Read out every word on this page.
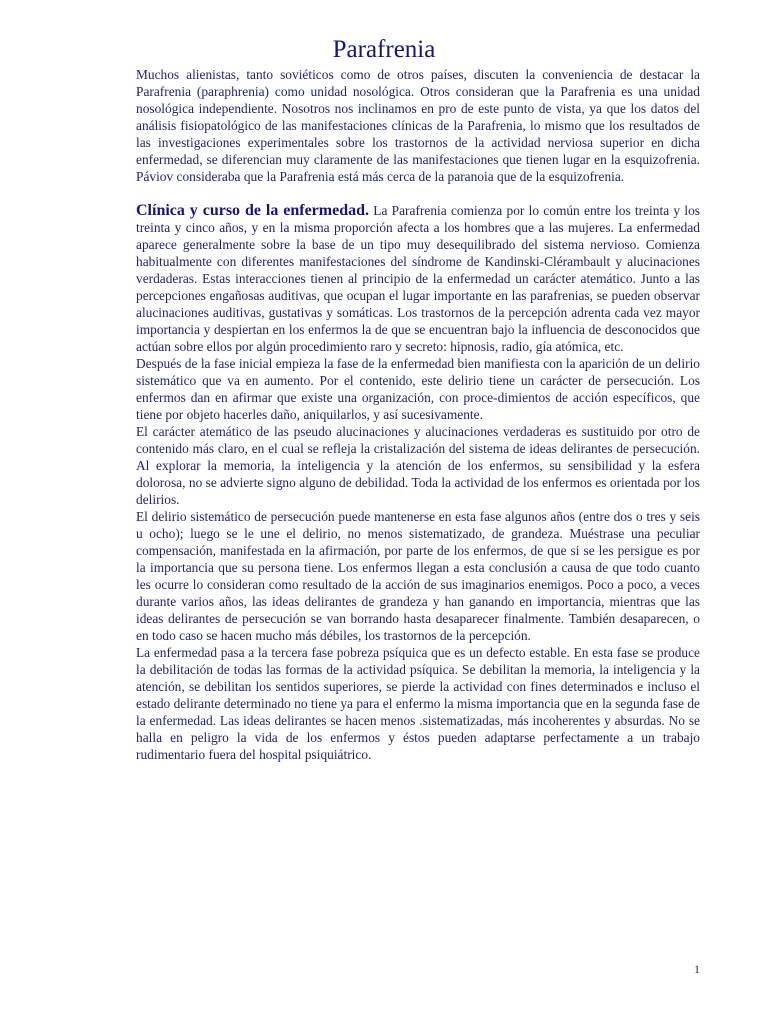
Parafrenia

Muchos alienistas, tanto soviéticos como de otros países, discuten la conveniencia de destacar la Parafrenia (paraphrenia) como unidad nosológica. Otros consideran que la Parafrenia es una unidad nosológica independiente. Nosotros nos inclinamos en pro de este punto de vista, ya que los datos del análisis fisiopatológico de las manifestaciones clínicas de la Parafrenia, lo mismo que los resultados de las investigaciones experimentales sobre los trastornos de la actividad nerviosa superior en dicha enfermedad, se diferencian muy claramente de las manifestaciones que tienen lugar en la esquizofrenia. Páviov consideraba que la Parafrenia está más cerca de la paranoia que de la esquizofrenia.

Clínica y curso de la enfermedad. La Parafrenia comienza por lo común entre los treinta y los treinta y cinco años, y en la misma proporción afecta a los hombres que a las mujeres. La enfermedad aparece generalmente sobre la base de un tipo muy desequilibrado del sistema nervioso. Comienza habitualmente con diferentes manifestaciones del síndrome de Kandinski-Clérambault y alucinaciones verdaderas. Estas interacciones tienen al principio de la enfermedad un carácter atemático. Junto a las percepciones engañosas auditivas, que ocupan el lugar importante en las parafrenias, se pueden observar alucinaciones auditivas, gustativas y somáticas. Los trastornos de la percepción adrenta cada vez mayor importancia y despiertan en los enfermos la de que se encuentran bajo la influencia de desconocidos que actúan sobre ellos por algún procedimiento raro y secreto: hipnosis, radio, gía atómica, etc.

Después de la fase inicial empieza la fase de la enfermedad bien manifiesta con la aparición de un delirio sistemático que va en aumento. Por el contenido, este delirio tiene un carácter de persecución. Los enfermos dan en afirmar que existe una organización, con proce-dimientos de acción específicos, que tiene por objeto hacerles daño, aniquilarlos, y así sucesivamente.

El carácter atemático de las pseudo alucinaciones y alucinaciones verdaderas es sustituido por otro de contenido más claro, en el cual se refleja la cristalización del sistema de ideas delirantes de persecución. Al explorar la memoria, la inteligencia y la atención de los enfermos, su sensibilidad y la esfera dolorosa, no se advierte signo alguno de debilidad. Toda la actividad de los enfermos es orientada por los delirios.

El delirio sistemático de persecución puede mantenerse en esta fase algunos años (entre dos o tres y seis u ocho); luego se le une el delirio, no menos sistematizado, de grandeza. Muéstrase una peculiar compensación, manifestada en la afirmación, por parte de los enfermos, de que si se les persigue es por la importancia que su persona tiene. Los enfermos llegan a esta conclusión a causa de que todo cuanto les ocurre lo consideran como resultado de la acción de sus imaginarios enemigos. Poco a poco, a veces durante varios años, las ideas delirantes de grandeza y han ganando en importancia, mientras que las ideas delirantes de persecución se van borrando hasta desaparecer finalmente. También desaparecen, o en todo caso se hacen mucho más débiles, los trastornos de la percepción.

La enfermedad pasa a la tercera fase pobreza psíquica que es un defecto estable. En esta fase se produce la debilitación de todas las formas de la actividad psíquica. Se debilitan la memoria, la inteligencia y la atención, se debilitan los sentidos superiores, se pierde la actividad con fines determinados e incluso el estado delirante determinado no tiene ya para el enfermo la misma importancia que en la segunda fase de la enfermedad. Las ideas delirantes se hacen menos .sistematizadas, más incoherentes y absurdas. No se halla en peligro la vida de los enfermos y éstos pueden adaptarse perfectamente a un trabajo rudimentario fuera del hospital psiquiátrico.

1
